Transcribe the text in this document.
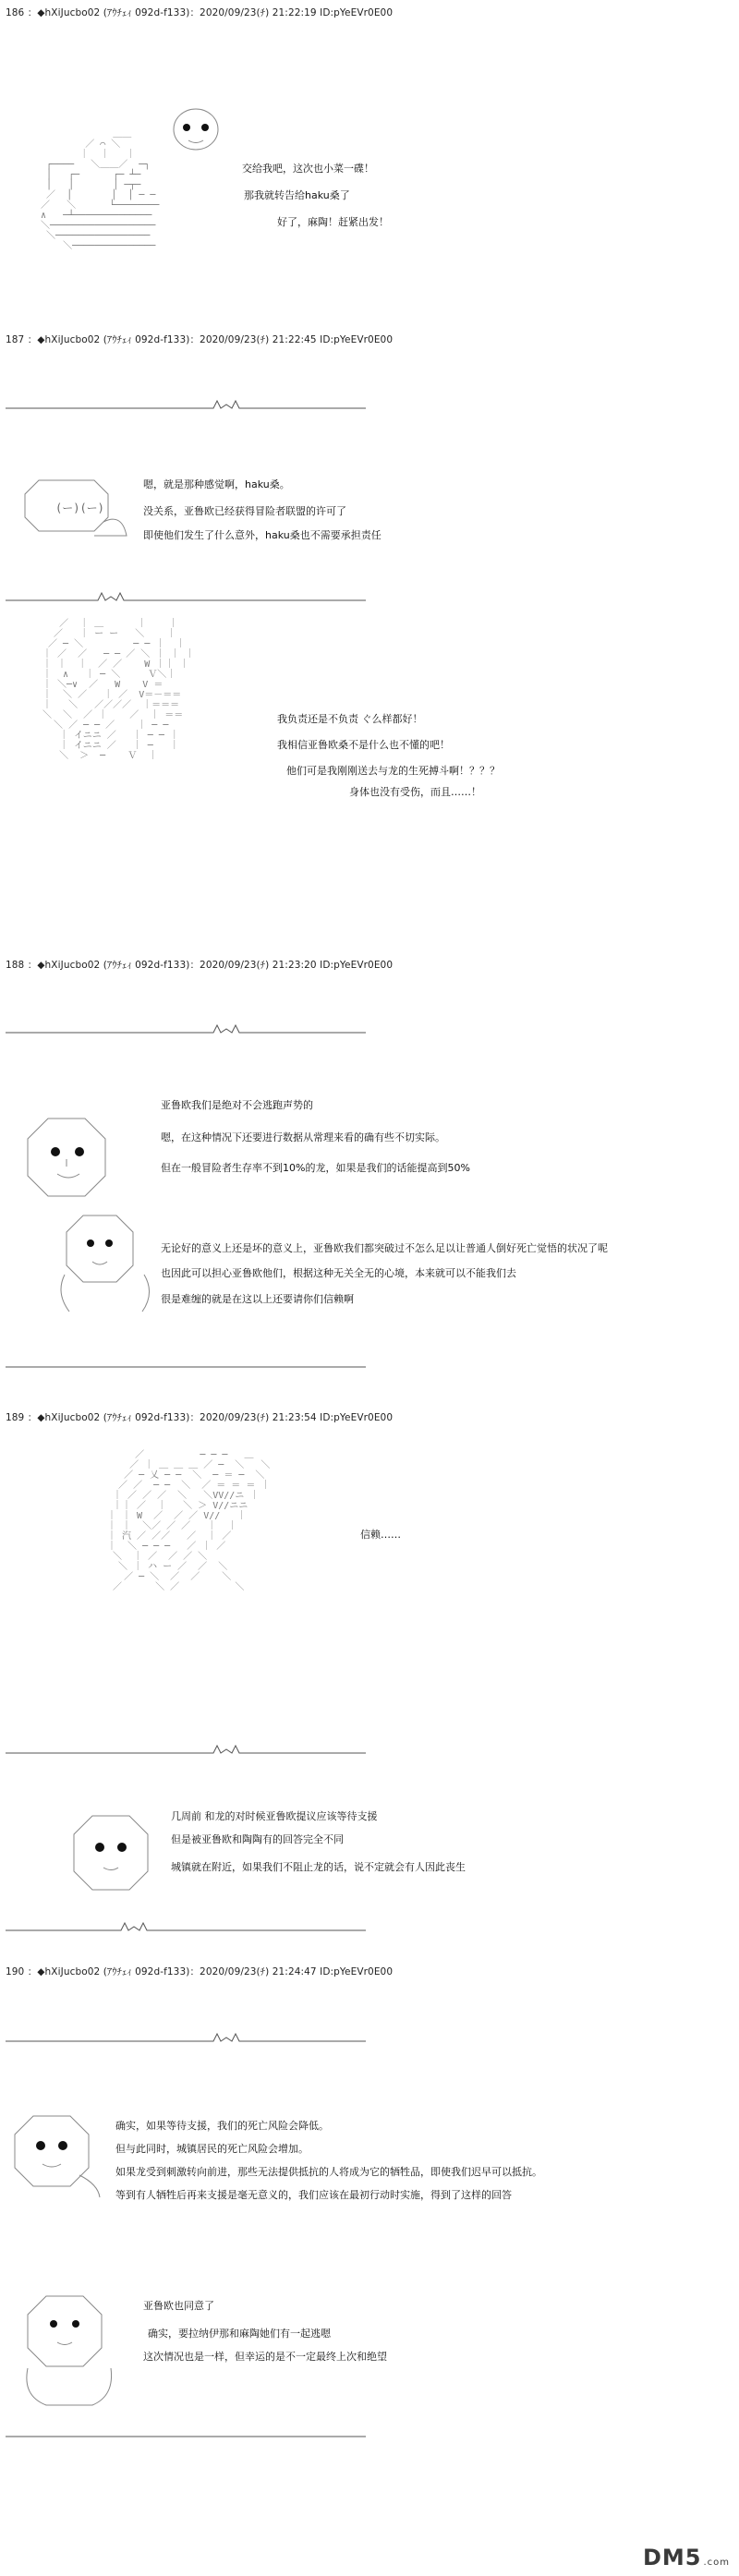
186 ：◆hXiJucbo02 (ｱｳﾁｪｨ 092d-f133)：2020/09/23(ﾁ) 21:22:19 ID:pYeEVr0E00
＿＿
／ ⌒ ＼
｜  ｜   ｜
┌────   ＼＿＿／  ─┐
│   ┌─      ┌─ ┴─
│   │       │ ─┬─
／  │       │  │ ─ ─
／   ＼      └────────
∧   ─┴──────────────
＼───────────────────
＼─────────────────
＼───────────────
交给我吧，这次也小菜一碟！
那我就转告给haku桑了
好了，麻陶！赶紧出发！
187 ：◆hXiJucbo02 (ｱｳﾁｪｨ 092d-f133)：2020/09/23(ﾁ) 21:22:45 ID:pYeEVr0E00
(ー)(ー)
嗯，就是那种感觉啊，haku桑。
没关系，亚鲁欧已经获得冒险者联盟的许可了
即使他们发生了什么意外，haku桑也不需要承担责任
／  ｜ ＿      ｜    ｜
／   ｜ ー ー   ＼    ｜
／ ─ ＼         ─ ─ ｜  ｜
｜ ／  ／   ─ ─ ／ ＼ ｜ ｜ ｜
｜ ｜  ｜  ／ ／    W ｜｜ ｜
｜  ∧   ｜ ─ ＼     Ｖ＼｜
｜ ＼─∨  ／   W    V ＝
｜  ＼ ／   ｜ ／  V＝－＝＝
｜   ＼   ／／／／  ｜＝＝＝
＼  ＼  ／ ｜    ／  ｜ ＝＝
＼ ／ ─ ─ ／    ｜ ─ ─
｜ イニニ ／   ｜ ─ ─ ｜
｜ イニニ ／   ｜ ─   ｜
＼  ＞  ─    Ｖ  ｜
我负责还是不负责 ぐ么样都好！
我相信亚鲁欧桑不是什么也不懂的吧！
他们可是我刚刚送去与龙的生死搏斗啊！？？？
身体也没有受伤，而且……！
188 ：◆hXiJucbo02 (ｱｳﾁｪｨ 092d-f133)：2020/09/23(ﾁ) 21:23:20 ID:pYeEVr0E00
亚鲁欧我们是绝对不会逃跑声势的
嗯，在这种情况下还要进行数据从常理来看的确有些不切实际。
但在一般冒险者生存率不到10%的龙，如果是我们的话能提高到50%
无论好的意义上还是坏的意义上，亚鲁欧我们都突破过不怎么足以让普通人倒好死亡觉悟的状况了呢
也因此可以担心亚鲁欧他们，根据这种无关全无的心境，本来就可以不能我们去
很是难缠的就是在这以上还要请你们信赖啊
189 ：◆hXiJucbo02 (ｱｳﾁｪｨ 092d-f133)：2020/09/23(ﾁ) 21:23:54 ID:pYeEVr0E00
／          ─ ─ ─   ＿
／ ｜ ＿ ＿ ＿ ／ ─  ＼   ＼
／ ─ 乂 ─ ─  ＼  ─ ＝ ─  ＼
／ ／  ─ ─  ＼  ／ ＝ ＝ ＝ ｜
｜ ／ ／ ／  ＼   ＼VV//ニ ｜
｜｜ ／  ｜   ＼ ＞ V//ニニ
｜ ｜ W  ／  ／ ／ V//   ｜
｜ ｜  ＼／ ／ ／   ｜  ｜
｜ 汽 ／ ／／   ／  ｜ ／
｜  ＼ ─ ─ ─   ／ ｜ ／
＼  ｜ ／  ／ ／ ＼
＼ ｜ ハ ー ／  ／  ＼
／ ─ ＼  ／  ／    ＼
／      ＼ ／          ＼
信赖……
几周前 和龙的对时候亚鲁欧提议应该等待支援
但是被亚鲁欧和陶陶有的回答完全不同
城镇就在附近，如果我们不阻止龙的话，说不定就会有人因此丧生
190 ：◆hXiJucbo02 (ｱｳﾁｪｨ 092d-f133)：2020/09/23(ﾁ) 21:24:47 ID:pYeEVr0E00
确实，如果等待支援，我们的死亡风险会降低。
但与此同时，城镇居民的死亡风险会增加。
如果龙受到刺激转向前进，那些无法提供抵抗的人将成为它的牺牲品，即使我们迟早可以抵抗。
等到有人牺牲后再来支援是毫无意义的，我们应该在最初行动时实施，得到了这样的回答
亚鲁欧也同意了
确实，要拉纳伊那和麻陶她们有一起逃嗯
这次情况也是一样，但幸运的是不一定最终上次和绝望
DM5 .com
